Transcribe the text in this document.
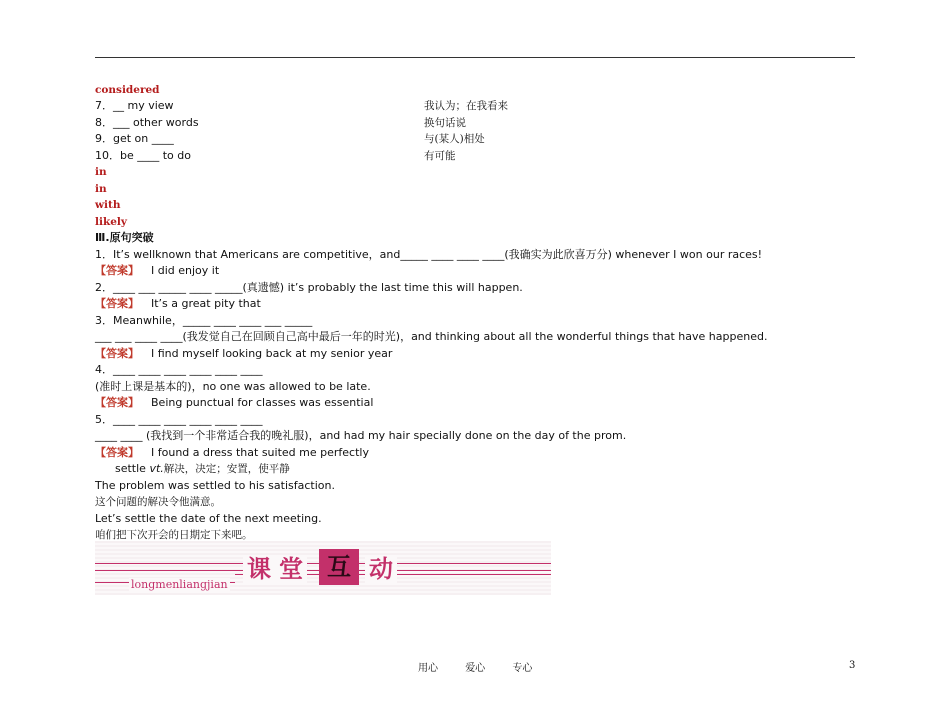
considered
7．__ my view	我认为；在我看来
8．___ other words	换句话说
9．get on ____	与(某人)相处
10．be ____ to do	有可能
in
in
with
likely
Ⅲ.原句突破
1．It’s wellknown that Americans are competitive，and_____ ____ ____ ____(我确实为此欣喜万分) whenever I won our races!
【答案】 I did enjoy it
2．____ ___ _____ ____ _____(真遗憾) it’s probably the last time this will happen.
【答案】 It’s a great pity that
3．Meanwhile，_____ ____ ____ ___ _____
___ ___ ____ ____(我发觉自己在回顾自己高中最后一年的时光)，and thinking about all the wonderful things that have happened.
【答案】 I find myself looking back at my senior year
4．____ ____ ____ ____ ____ ____
(准时上课是基本的)，no one was allowed to be late.
【答案】 Being punctual for classes was essential
5．____ ____ ____ ____ ____ ____
____ ____ (我找到一个非常适合我的晚礼服)，and had my hair specially done on the day of the prom.
【答案】 I found a dress that suited me perfectly
settle vt.解决，决定；安置，使平静
The problem was settled to his satisfaction.
这个问题的解决令他满意。
Let’s settle the date of the next meeting.
咱们把下次开会的日期定下来吧。
课 堂	互 动
longmenliangjian
用心	爱心	专心	3
